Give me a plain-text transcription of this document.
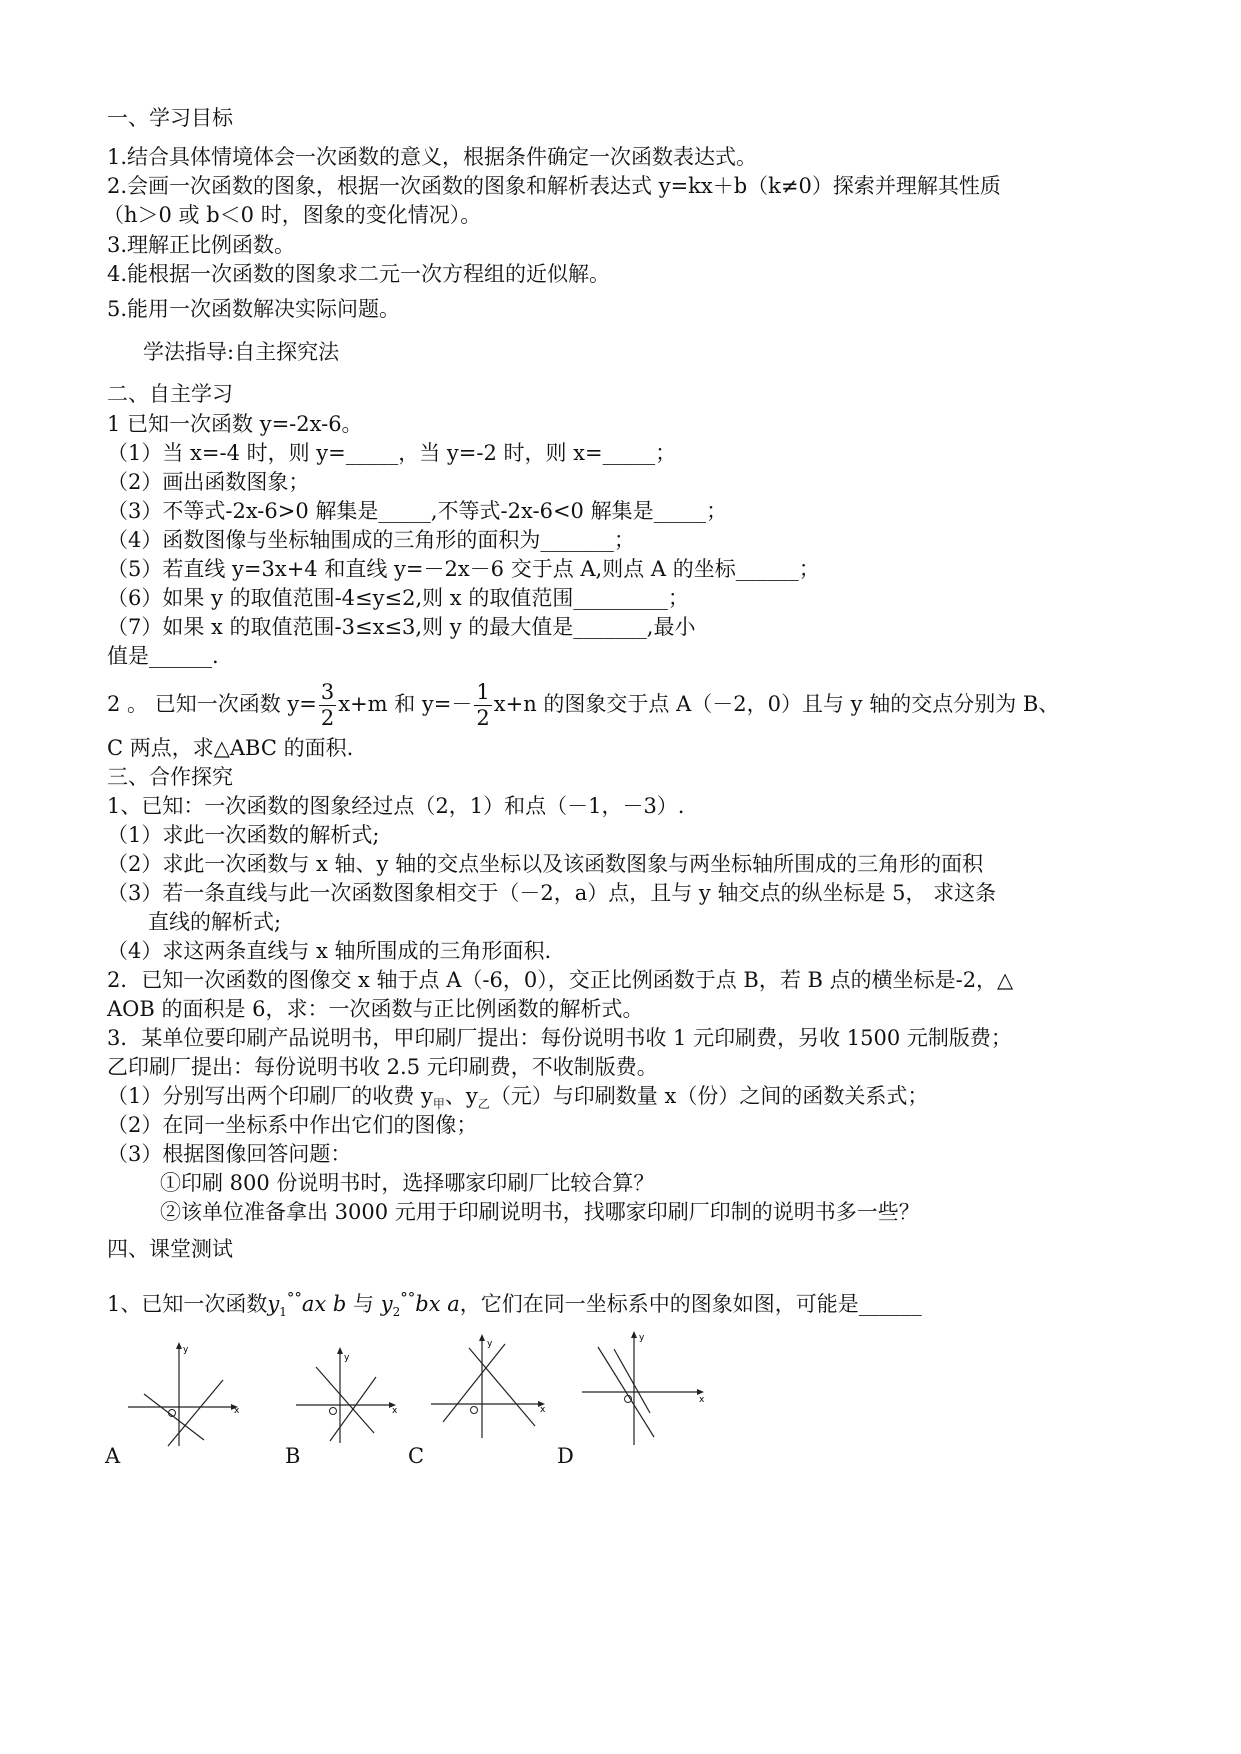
一、学习目标
1.结合具体情境体会一次函数的意义，根据条件确定一次函数表达式。
2.会画一次函数的图象，根据一次函数的图象和解析表达式 y=kx＋b（k≠0）探索并理解其性质
（h＞0 或 b＜0 时，图象的变化情况）。
3.理解正比例函数。
4.能根据一次函数的图象求二元一次方程组的近似解。
5.能用一次函数解决实际问题。
学法指导:自主探究法
二、自主学习
1 已知一次函数 y=-2x-6。
（1）当 x=-4 时，则 y=_____，当 y=-2 时，则 x=_____；
（2）画出函数图象；
（3）不等式-2x-6>0 解集是_____,不等式-2x-6<0 解集是_____；
（4）函数图像与坐标轴围成的三角形的面积为_______；
（5）若直线 y=3x+4 和直线 y=－2x－6 交于点 A,则点 A 的坐标______；
（6）如果 y 的取值范围-4≤y≤2,则 x 的取值范围_________；
（7）如果 x 的取值范围-3≤x≤3,则 y 的最大值是_______,最小
值是______.
2 。 已知一次函数 $y= \frac{3}{2} x+m$ 和 $y=- \frac{1}{2} x+n$ 的图象交于点 A（－2，0）且与 y 轴的交点分别为 B、
C 两点，求△ABC 的面积.
三、合作探究
1、已知：一次函数的图象经过点（2，1）和点（－1，－3）.
（1）求此一次函数的解析式;
（2）求此一次函数与 x 轴、y 轴的交点坐标以及该函数图象与两坐标轴所围成的三角形的面积
（3）若一条直线与此一次函数图象相交于（－2，a）点，且与 y 轴交点的纵坐标是 5， 求这条
直线的解析式;
（4）求这两条直线与 x 轴所围成的三角形面积.
2．已知一次函数的图像交 x 轴于点 A（-6，0），交正比例函数于点 B，若 B 点的横坐标是-2，△
AOB 的面积是 6，求：一次函数与正比例函数的解析式。
3．某单位要印刷产品说明书，甲印刷厂提出：每份说明书收 1 元印刷费，另收 1500 元制版费；
乙印刷厂提出：每份说明书收 2.5 元印刷费，不收制版费。
（1）分别写出两个印刷厂的收费 $y_甲$、$y_乙$（元）与印刷数量 x（份）之间的函数关系式；
（2）在同一坐标系中作出它们的图像；
（3）根据图像回答问题：
①印刷 800 份说明书时，选择哪家印刷厂比较合算？
②该单位准备拿出 3000 元用于印刷说明书，找哪家印刷厂印制的说明书多一些？
四、课堂测试
1、已知一次函数$y_1^{^\circ^\circ}ax$ b 与 $y_2^{^\circ^\circ}bx$ a，它们在同一坐标系中的图象如图，可能是______
x
y
A
x
y
B
x
y
C
x
y
D
